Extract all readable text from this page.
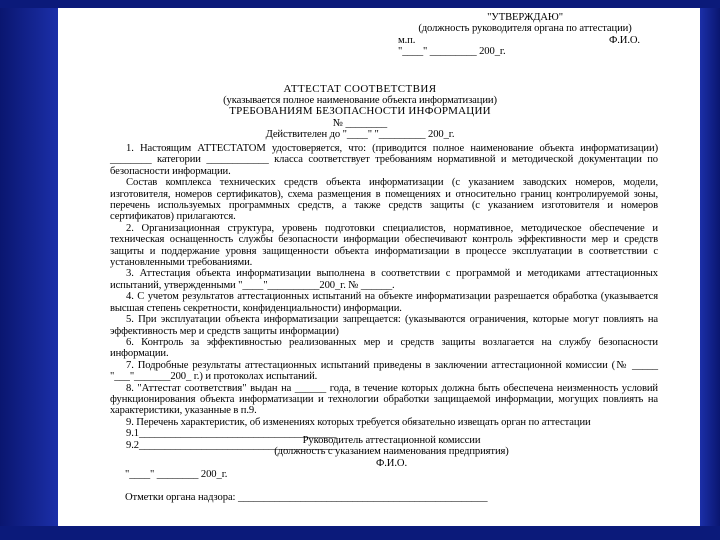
"УТВЕРЖДАЮ"
(должность руководителя органа по аттестации)
м.п.	Ф.И.О.
"____" _________ 200_г.
АТТЕСТАТ СООТВЕТСТВИЯ
(указывается полное наименование объекта информатизации)
ТРЕБОВАНИЯМ БЕЗОПАСНОСТИ ИНФОРМАЦИИ
№ ________
Действителен до "____" "_________ 200_г.

1. Настоящим АТТЕСТАТОМ удостоверяется, что: (приводится полное наименование объекта информатизации) ________ категории ____________ класса соответствует требованиям нормативной и методической документации по безопасности информации.

Состав комплекса технических средств объекта информатизации (с указанием заводских номеров, модели, изготовителя, номеров сертификатов), схема размещения в помещениях и относительно границ контролируемой зоны, перечень используемых программных средств, а также средств защиты (с указанием изготовителя и номеров сертификатов) прилагаются.

2. Организационная структура, уровень подготовки специалистов, нормативное, методическое обеспечение и техническая оснащенность службы безопасности информации обеспечивают контроль эффективности мер и средств защиты и поддержание уровня защищенности объекта информатизации в процессе эксплуатации в соответствии с установленными требованиями.

3. Аттестация объекта информатизации выполнена в соответствии с программой и методиками аттестационных испытаний, утвержденными "____"__________200_г. № ______.

4. С учетом результатов аттестационных испытаний на объекте информатизации разрешается обработка (указывается высшая степень секретности, конфиденциальности) информации.

5. При эксплуатации объекта информатизации запрещается: (указываются ограничения, которые могут повлиять на эффективность мер и средств защиты информации)

6. Контроль за эффективностью реализованных мер и средств защиты возлагается на службу безопасности информации.

7. Подробные результаты аттестационных испытаний приведены в заключении аттестационной комиссии (№ _____ "___"_______200_ г.) и протоколах испытаний.

8. "Аттестат соответствия" выдан на ______ года, в течение которых должна быть обеспечена неизменность условий функционирования объекта информатизации и технологии обработки защищаемой информации, могущих повлиять на характеристики, указанные в п.9.

9. Перечень характеристик, об изменениях которых требуется обязательно извещать орган по аттестации

9.1______________________________________

9.2______________________________________

Руководитель аттестационной комиссии
(должность с указанием наименования предприятия)
Ф.И.О.
"____" ________ 200_г.
Отметки органа надзора: ________________________________________________
